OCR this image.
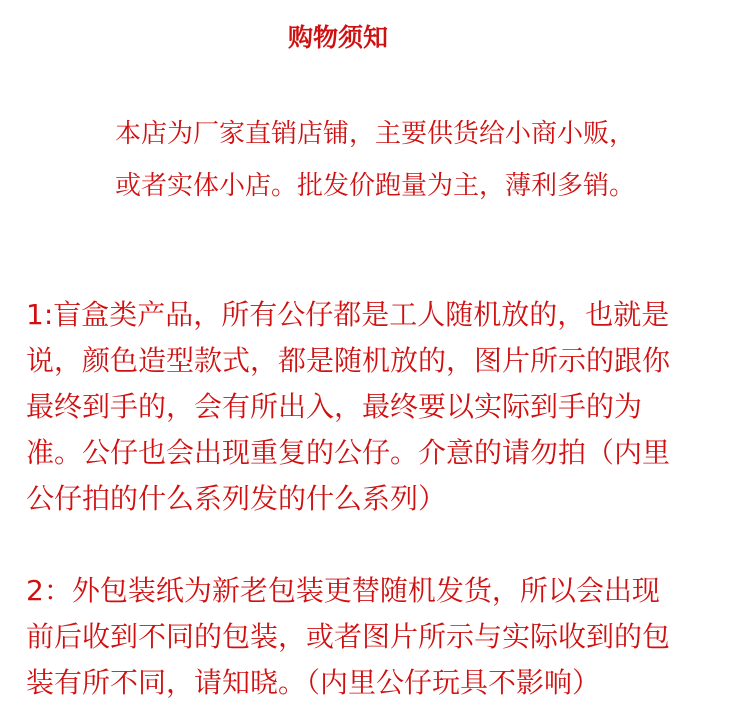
购物须知
本店为厂家直销店铺，主要供货给小商小贩，
或者实体小店。批发价跑量为主，薄利多销。
1:盲盒类产品，所有公仔都是工人随机放的，也就是
说，颜色造型款式，都是随机放的，图片所示的跟你
最终到手的，会有所出入，最终要以实际到手的为
准。公仔也会出现重复的公仔。介意的请勿拍（内里
公仔拍的什么系列发的什么系列）
2：外包装纸为新老包装更替随机发货，所以会出现
前后收到不同的包装，或者图片所示与实际收到的包
装有所不同，请知晓。（内里公仔玩具不影响）
